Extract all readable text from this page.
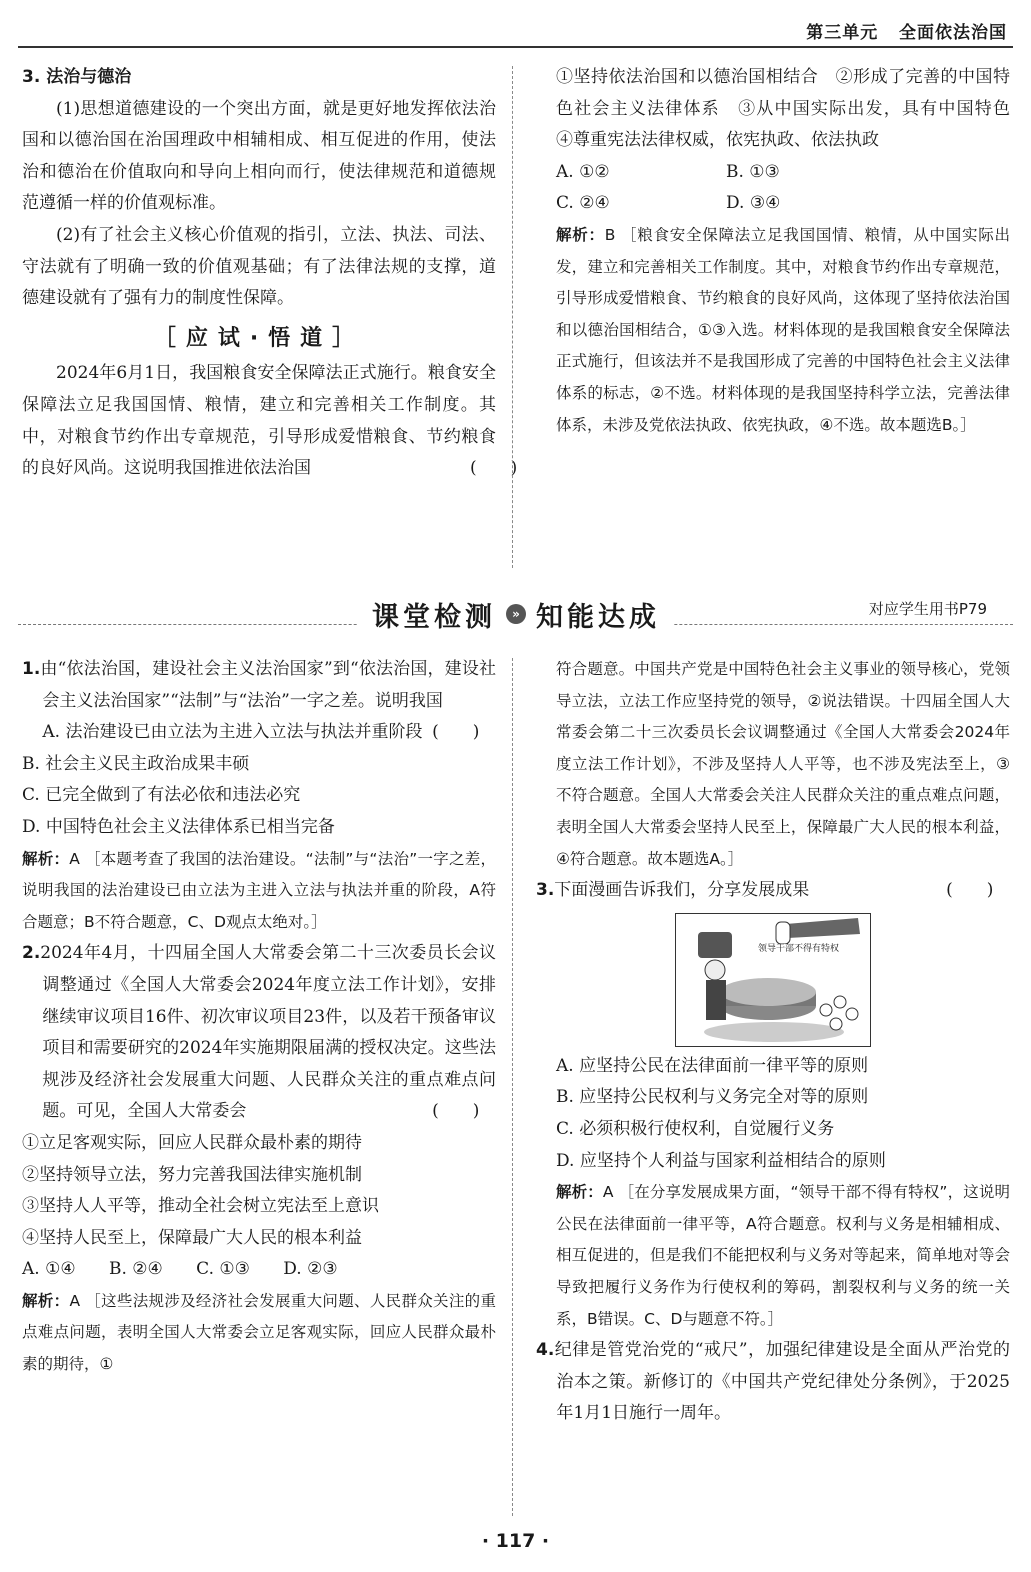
第三单元 全面依法治国

3. 法治与德治

(1)思想道德建设的一个突出方面，就是更好地发挥依法治国和以德治国在治国理政中相辅相成、相互促进的作用，使法治和德治在价值取向和导向上相向而行，使法律规范和道德规范遵循一样的价值观标准。

(2)有了社会主义核心价值观的指引，立法、执法、司法、守法就有了明确一致的价值观基础；有了法律法规的支撑，道德建设就有了强有力的制度性保障。

［应试·悟道］

2024年6月1日，我国粮食安全保障法正式施行。粮食安全保障法立足我国国情、粮情，建立和完善相关工作制度。其中，对粮食节约作出专章规范，引导形成爱惜粮食、节约粮食的良好风尚。这说明我国推进依法治国	(　　)

①坚持依法治国和以德治国相结合　②形成了完善的中国特色社会主义法律体系　③从中国实际出发，具有中国特色　④尊重宪法法律权威，依宪执政、依法执政

A. ①②	B. ①③
C. ②④	D. ③④

解析：B ［粮食安全保障法立足我国国情、粮情，从中国实际出发，建立和完善相关工作制度。其中，对粮食节约作出专章规范，引导形成爱惜粮食、节约粮食的良好风尚，这体现了坚持依法治国和以德治国相结合，①③入选。材料体现的是我国粮食安全保障法正式施行，但该法并不是我国形成了完善的中国特色社会主义法律体系的标志，②不选。材料体现的是我国坚持科学立法，完善法律体系，未涉及党依法执政、依宪执政，④不选。故本题选B。］

课堂检测	» 知能达成	对应学生用书P79

1.由“依法治国，建设社会主义法治国家”到“依法治国，建设社会主义法治国家”“法制”与“法治”一字之差。说明我国
(　　)

A. 法治建设已由立法为主进入立法与执法并重阶段

B. 社会主义民主政治成果丰硕

C. 已完全做到了有法必依和违法必究

D. 中国特色社会主义法律体系已相当完备

解析：A ［本题考查了我国的法治建设。“法制”与“法治”一字之差，说明我国的法治建设已由立法为主进入立法与执法并重的阶段，A符合题意；B不符合题意，C、D观点太绝对。］

2.2024年4月，十四届全国人大常委会第二十三次委员长会议调整通过《全国人大常委会2024年度立法工作计划》，安排继续审议项目16件、初次审议项目23件，以及若干预备审议项目和需要研究的2024年实施期限届满的授权决定。这些法规涉及经济社会发展重大问题、人民群众关注的重点难点问题。可见，全国人大常委会	(　　)

①立足客观实际，回应人民群众最朴素的期待

②坚持领导立法，努力完善我国法律实施机制

③坚持人人平等，推动全社会树立宪法至上意识

④坚持人民至上，保障最广大人民的根本利益

A. ①④ B. ②④ C. ①③ D. ②③

解析：A ［这些法规涉及经济社会发展重大问题、人民群众关注的重点难点问题，表明全国人大常委会立足客观实际，回应人民群众最朴素的期待，①

符合题意。中国共产党是中国特色社会主义事业的领导核心，党领导立法，立法工作应坚持党的领导，②说法错误。十四届全国人大常委会第二十三次委员长会议调整通过《全国人大常委会2024年度立法工作计划》，不涉及坚持人人平等，也不涉及宪法至上，③不符合题意。全国人大常委会关注人民群众关注的重点难点问题，表明全国人大常委会坚持人民至上，保障最广大人民的根本利益，④符合题意。故本题选A。］

3.下面漫画告诉我们，分享发展成果	(　　)

领导干部不得有特权

A. 应坚持公民在法律面前一律平等的原则

B. 应坚持公民权利与义务完全对等的原则

C. 必须积极行使权利，自觉履行义务

D. 应坚持个人利益与国家利益相结合的原则

解析：A ［在分享发展成果方面，“领导干部不得有特权”，这说明公民在法律面前一律平等，A符合题意。权利与义务是相辅相成、相互促进的，但是我们不能把权利与义务对等起来，简单地对等会导致把履行义务作为行使权利的筹码，割裂权利与义务的统一关系，B错误。C、D与题意不符。］

4.纪律是管党治党的“戒尺”，加强纪律建设是全面从严治党的治本之策。新修订的《中国共产党纪律处分条例》，于2025年1月1日施行一周年。

· 117 ·
